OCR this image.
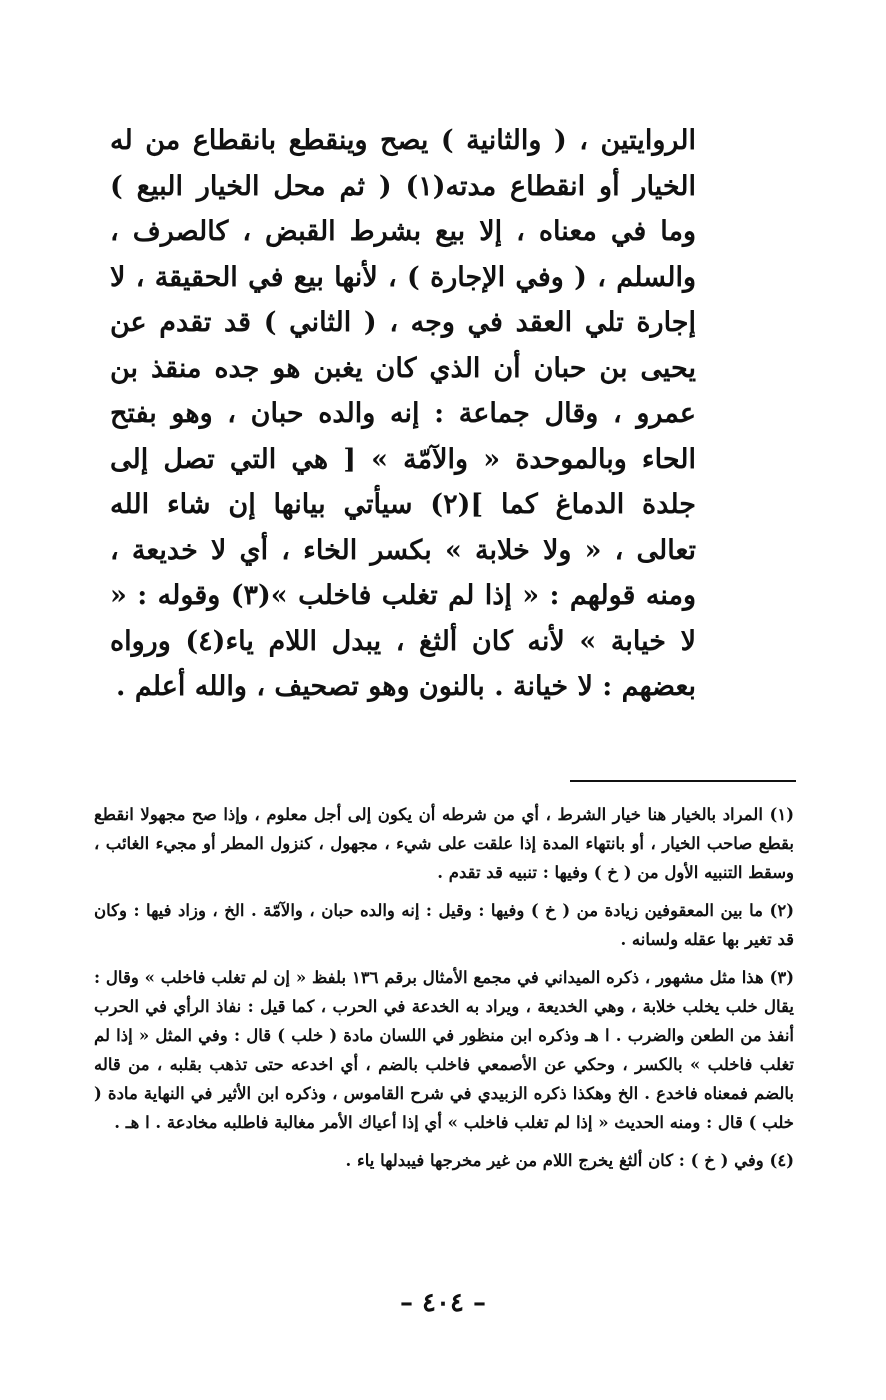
الروايتين ، ( والثانية ) يصح وينقطع بانقطاع من له الخيار أو انقطاع مدته(١) ( ثم محل الخيار البيع ) وما في معناه ، إلا بيع بشرط القبض ، كالصرف ، والسلم ، ( وفي الإجارة ) ، لأنها بيع في الحقيقة ، لا إجارة تلي العقد في وجه ، ( الثاني ) قد تقدم عن يحيى بن حبان أن الذي كان يغبن هو جده منقذ بن عمرو ، وقال جماعة : إنه والده حبان ، وهو بفتح الحاء وبالموحدة « والآمّة » [ هي التي تصل إلى جلدة الدماغ كما ](٢) سيأتي بيانها إن شاء الله تعالى ، « ولا خلابة » بكسر الخاء ، أي لا خديعة ، ومنه قولهم : « إذا لم تغلب فاخلب »(٣) وقوله : « لا خيابة » لأنه كان ألثغ ، يبدل اللام ياء(٤) ورواه بعضهم : لا خيانة . بالنون وهو تصحيف ، والله أعلم .

(١) المراد بالخيار هنا خيار الشرط ، أي من شرطه أن يكون إلى أجل معلوم ، وإذا صح مجهولا انقطع بقطع صاحب الخيار ، أو بانتهاء المدة إذا علقت على شيء ، مجهول ، كنزول المطر أو مجيء الغائب ، وسقط التنبيه الأول من ( خ ) وفيها : تنبيه قد تقدم .

(٢) ما بين المعقوفين زيادة من ( خ ) وفيها : وقيل : إنه والده حبان ، والآمّة . الخ ، وزاد فيها : وكان قد تغير بها عقله ولسانه .

(٣) هذا مثل مشهور ، ذكره الميداني في مجمع الأمثال برقم ١٣٦ بلفظ « إن لم تغلب فاخلب » وقال : يقال خلب يخلب خلابة ، وهي الخديعة ، ويراد به الخدعة في الحرب ، كما قيل : نفاذ الرأي في الحرب أنفذ من الطعن والضرب . ا هـ وذكره ابن منظور في اللسان مادة ( خلب ) قال : وفي المثل « إذا لم تغلب فاخلب » بالكسر ، وحكي عن الأصمعي فاخلب بالضم ، أي اخدعه حتى تذهب بقلبه ، من قاله بالضم فمعناه فاخدع . الخ وهكذا ذكره الزبيدي في شرح القاموس ، وذكره ابن الأثير في النهاية مادة ( خلب ) قال : ومنه الحديث « إذا لم تغلب فاخلب » أي إذا أعياك الأمر مغالبة فاطلبه مخادعة . ا هـ .

(٤) وفي ( خ ) : كان ألثغ يخرج اللام من غير مخرجها فيبدلها ياء .

– ٤٠٤ –
